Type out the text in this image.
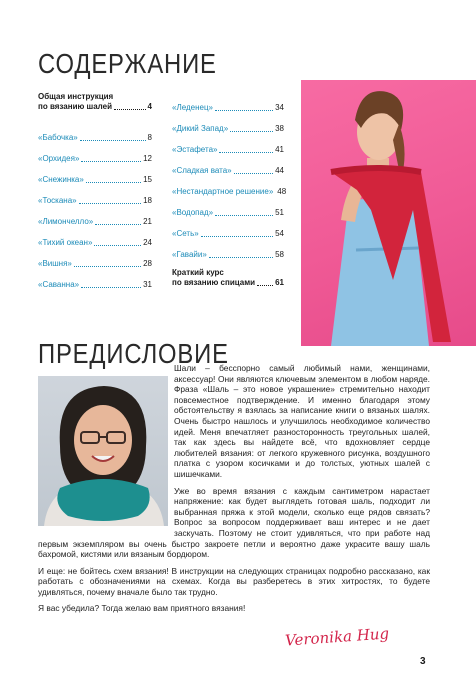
СОДЕРЖАНИЕ
Общая инструкция
по вязанию шалей	4
«Бабочка»	8
«Орхидея»	12
«Снежинка»	15
«Тоскана»	18
«Лимончелло»	21
«Тихий океан»	24
«Вишня»	28
«Саванна»	31
«Леденец»	34
«Дикий Запад»	38
«Эстафета»	41
«Сладкая вата»	44
«Нестандартное решение» 48
«Водопад»	51
«Сеть»	54
«Гавайи»	58
Краткий курс
по вязанию спицами	61
ПРЕДИСЛОВИЕ

Шали – бесспорно самый любимый нами, женщинами, аксессуар! Они являются ключевым элементом в любом наряде. Фраза «Шаль – это новое украшение» стремительно находит повсеместное подтверждение. И именно благодаря этому обстоятельству я взялась за написание книги о вязаных шалях. Очень быстро нашлось и улучшилось необходимое количество идей. Меня впечатляет разносторонность треугольных шалей, так как здесь вы найдете всё, что вдохновляет сердце любителей вязания: от легкого кружевного рисунка, воздушного платка с узором косичками и до толстых, уютных шалей с шишечками.

Уже во время вязания с каждым сантиметром нарастает напряжение: как будет выглядеть готовая шаль, подходит ли выбранная пряжа к этой модели, сколько еще рядов связать? Вопрос за вопросом поддерживает ваш интерес и не дает заскучать. Поэтому не стоит удивляться, что при работе над первым экземпляром вы очень быстро закроете петли и вероятно даже украсите вашу шаль бахромой, кистями или вязаным бордюром.

И еще: не бойтесь схем вязания! В инструкции на следующих страницах подробно рассказано, как работать с обозначениями на схемах. Когда вы разберетесь в этих хитростях, то будете удивляться, почему вначале было так трудно.

Я вас убедила? Тогда желаю вам приятного вязания!

Veronika Hug
3
